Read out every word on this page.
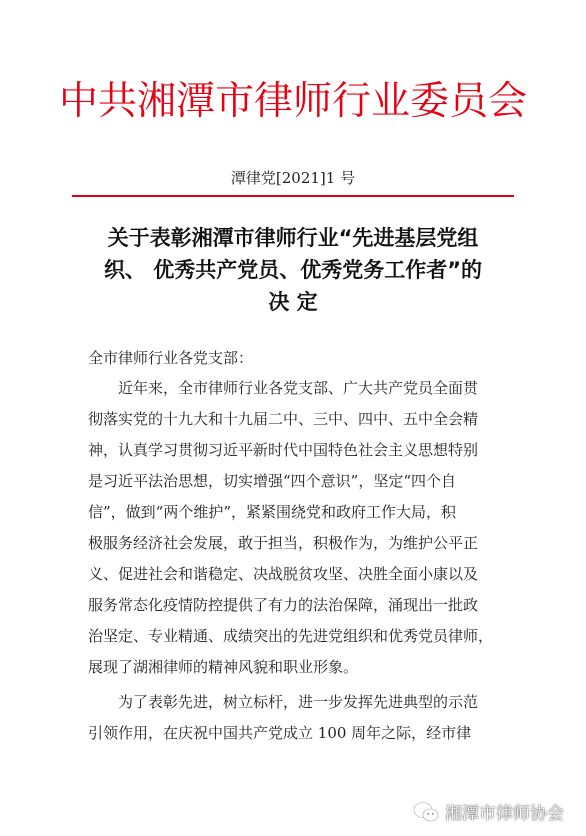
中共湘潭市律师行业委员会
潭律党[2021]1 号
关于表彰湘潭市律师行业“先进基层党组
织、 优秀共产党员、优秀党务工作者”的
决 定
全市律师行业各党支部：
近年来，全市律师行业各党支部、广大共产党员全面贯
彻落实党的十九大和十九届二中、三中、四中、五中全会精
神，认真学习贯彻习近平新时代中国特色社会主义思想特别
是习近平法治思想，切实增强“四个意识”，坚定“四个自
信”，做到“两个维护”，紧紧围绕党和政府工作大局，积
极服务经济社会发展，敢于担当，积极作为，为维护公平正
义、促进社会和谐稳定、决战脱贫攻坚、决胜全面小康以及
服务常态化疫情防控提供了有力的法治保障，涌现出一批政
治坚定、专业精通、成绩突出的先进党组织和优秀党员律师，
展现了湖湘律师的精神风貌和职业形象。
为了表彰先进，树立标杆，进一步发挥先进典型的示范
引领作用，在庆祝中国共产党成立 100 周年之际，经市律
湘潭市律师协会
